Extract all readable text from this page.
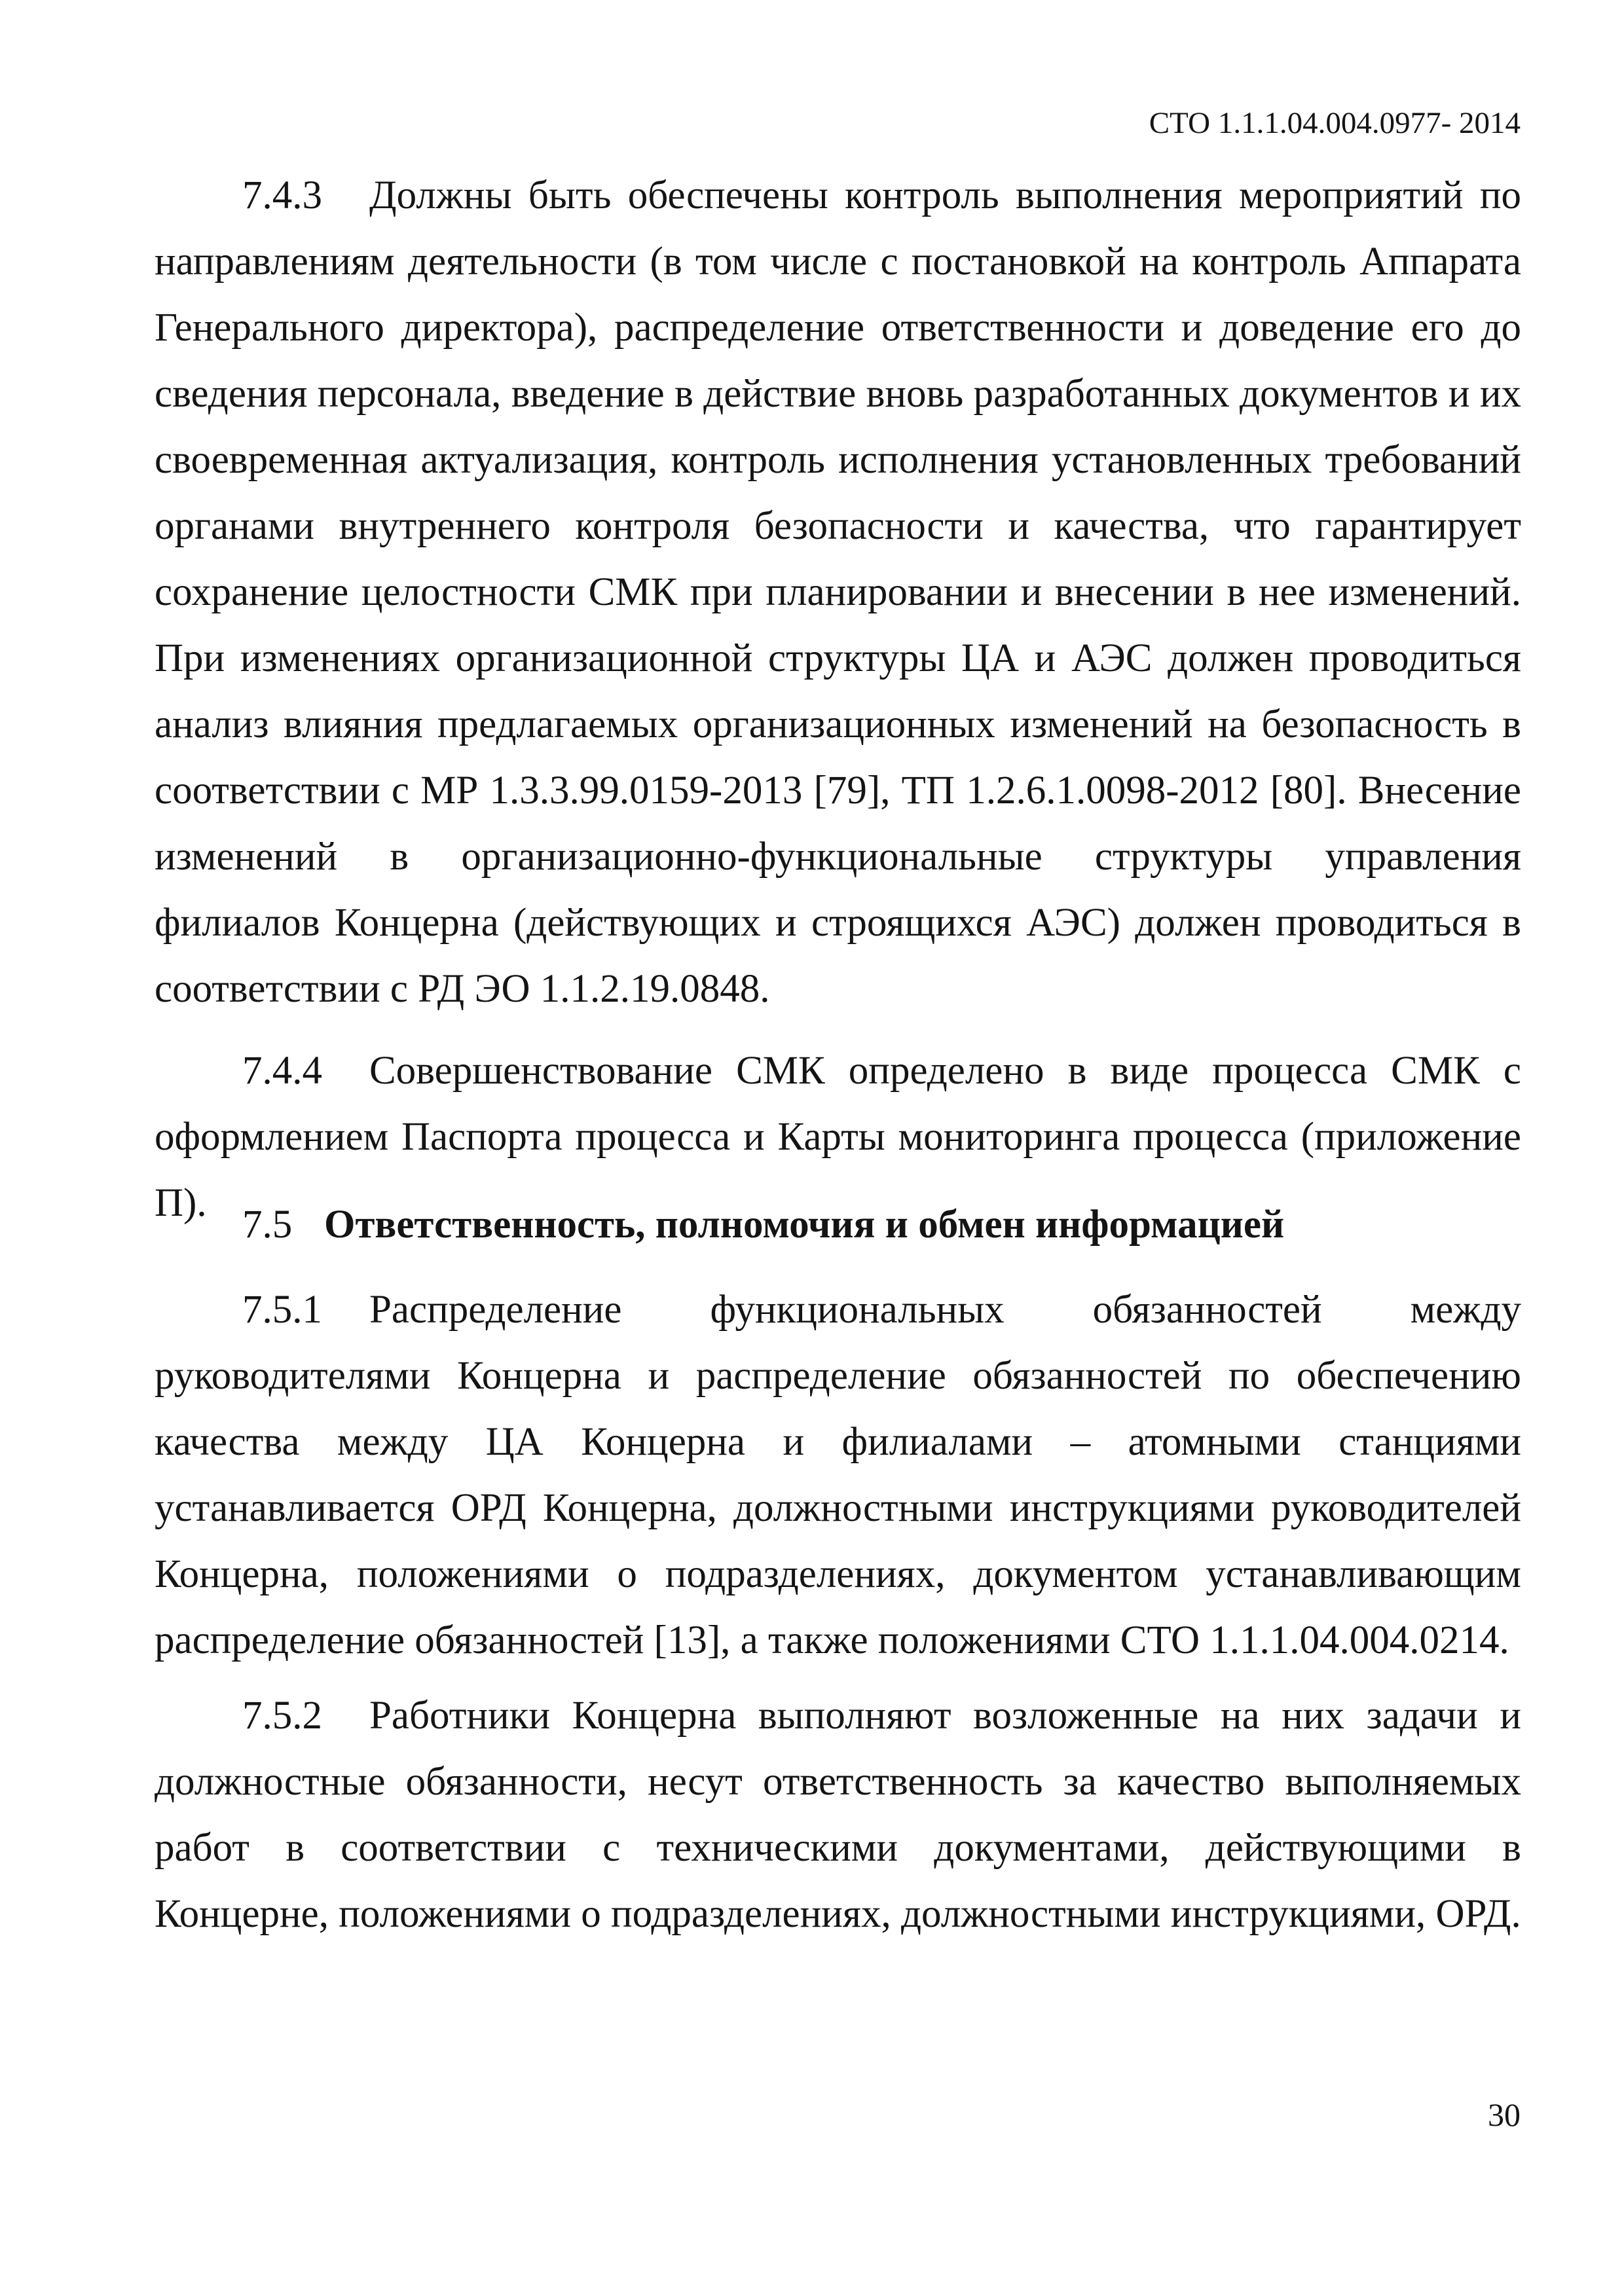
СТО 1.1.1.04.004.0977- 2014

7.4.3 Должны быть обеспечены контроль выполнения мероприятий по направлениям деятельности (в том числе с постановкой на контроль Аппарата Генерального директора), распределение ответственности и доведение его до сведения персонала, введение в действие вновь разработанных документов и их своевременная актуализация, контроль исполнения установленных требований органами внутреннего контроля безопасности и качества, что гарантирует сохранение целостности СМК при планировании и внесении в нее изменений. При изменениях организационной структуры ЦА и АЭС должен проводиться анализ влияния предлагаемых организационных изменений на безопасность в соответствии с МР 1.3.3.99.0159-2013 [79], ТП 1.2.6.1.0098-2012 [80]. Внесение изменений в организационно-функциональные структуры управления филиалов Концерна (действующих и строящихся АЭС) должен проводиться в соответствии с РД ЭО 1.1.2.19.0848.

7.4.4 Совершенствование СМК определено в виде процесса СМК с оформлением Паспорта процесса и Карты мониторинга процесса (приложение П). 7.5 Ответственность, полномочия и обмен информацией

7.5.1 Распределение функциональных обязанностей между руководителями Концерна и распределение обязанностей по обеспечению качества между ЦА Концерна и филиалами – атомными станциями устанавливается ОРД Концерна, должностными инструкциями руководителей Концерна, положениями о подразделениях, документом устанавливающим распределение обязанностей [13], а также положениями СТО 1.1.1.04.004.0214.

7.5.2 Работники Концерна выполняют возложенные на них задачи и должностные обязанности, несут ответственность за качество выполняемых работ в соответствии с техническими документами, действующими в Концерне, положениями о подразделениях, должностными инструкциями, ОРД.

30
